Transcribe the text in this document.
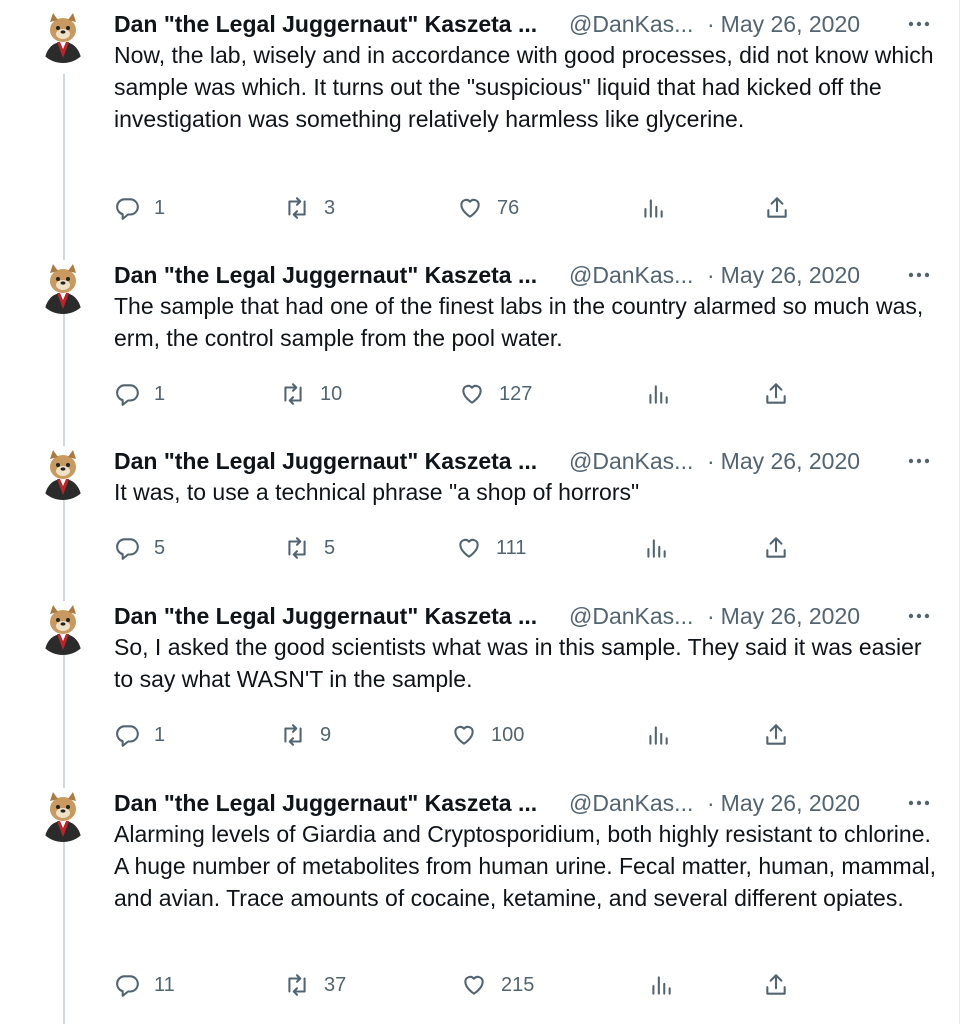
Dan "the Legal Juggernaut" Kaszeta ...	@DanKas... · May 26, 2020
Now, the lab, wisely and in accordance with good processes, did not know which sample was which. It turns out the "suspicious" liquid that had kicked off the investigation was something relatively harmless like glycerine.
1	3	76
Dan "the Legal Juggernaut" Kaszeta ...	@DanKas... · May 26, 2020
The sample that had one of the finest labs in the country alarmed so much was, erm, the control sample from the pool water.
1	10	127
Dan "the Legal Juggernaut" Kaszeta ...	@DanKas... · May 26, 2020
It was, to use a technical phrase "a shop of horrors"
5	5	111
Dan "the Legal Juggernaut" Kaszeta ...	@DanKas... · May 26, 2020
So, I asked the good scientists what was in this sample. They said it was easier to say what WASN'T in the sample.
1	9	100
Dan "the Legal Juggernaut" Kaszeta ...	@DanKas... · May 26, 2020
Alarming levels of Giardia and Cryptosporidium, both highly resistant to chlorine. A huge number of metabolites from human urine. Fecal matter, human, mammal, and avian. Trace amounts of cocaine, ketamine, and several different opiates.
11	37	215
